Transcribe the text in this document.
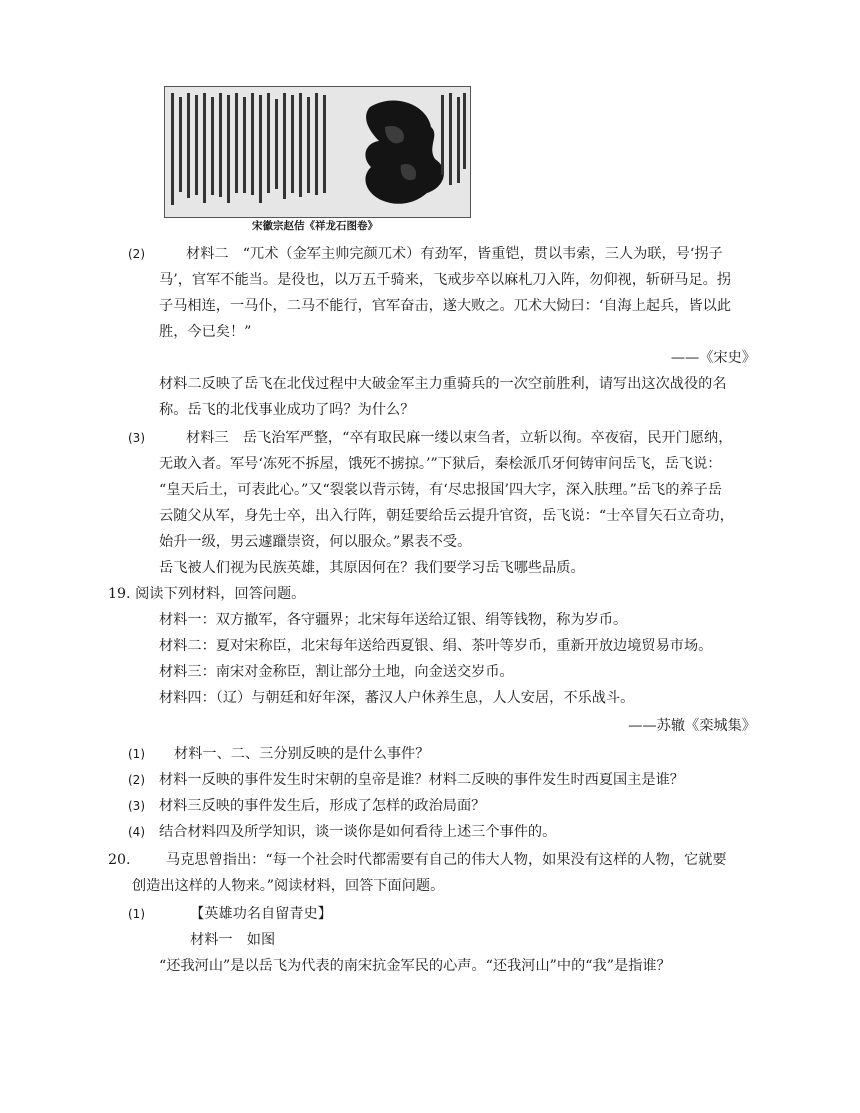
宋徽宗赵佶《祥龙石图卷》
(2)	材料二　“兀术（金军主帅完颜兀术）有劲军，皆重铠，贯以韦索，三人为联，号‘拐子
马’，官军不能当。是役也，以万五千骑来，飞戒步卒以麻札刀入阵，勿仰视，斩研马足。拐
子马相连，一马仆，二马不能行，官军奋击，遂大败之。兀术大恸曰：‘自海上起兵，皆以此
胜，今已矣！”
——《宋史》
材料二反映了岳飞在北伐过程中大破金军主力重骑兵的一次空前胜利，请写出这次战役的名
称。岳飞的北伐事业成功了吗？为什么？
(3)	材料三　岳飞治军严整，“卒有取民麻一缕以束刍者，立斩以徇。卒夜宿，民开门愿纳，
无敢入者。军号‘冻死不拆屋，饿死不掳掠。’”下狱后，秦桧派爪牙何铸审问岳飞，岳飞说：
“皇天后土，可表此心。”又“裂裳以背示铸，有‘尽忠报国’四大字，深入肤理。”岳飞的养子岳
云随父从军，身先士卒，出入行阵，朝廷要给岳云提升官资，岳飞说：“士卒冒矢石立奇功，
始升一级，男云遽躐崇资，何以服众。”累表不受。
岳飞被人们视为民族英雄，其原因何在？我们要学习岳飞哪些品质。
19. 阅读下列材料，回答问题。
材料一：双方撤军，各守疆界；北宋每年送给辽银、绢等钱物，称为岁币。
材料二：夏对宋称臣，北宋每年送给西夏银、绢、茶叶等岁币，重新开放边境贸易市场。
材料三：南宋对金称臣，割让部分土地，向金送交岁币。
材料四：（辽）与朝廷和好年深，蕃汉人户休养生息，人人安居，不乐战斗。
——苏辙《栾城集》
(1) 材料一、二、三分别反映的是什么事件？
(2) 材料一反映的事件发生时宋朝的皇帝是谁？材料二反映的事件发生时西夏国主是谁？
(3) 材料三反映的事件发生后，形成了怎样的政治局面？
(4) 结合材料四及所学知识，谈一谈你是如何看待上述三个事件的。
20. 马克思曾指出：“每一个社会时代都需要有自己的伟大人物，如果没有这样的人物，它就要
创造出这样的人物来。”阅读材料，回答下面问题。
(1)	【英雄功名自留青史】
材料一　如图
“还我河山”是以岳飞为代表的南宋抗金军民的心声。“还我河山”中的“我”是指谁？
